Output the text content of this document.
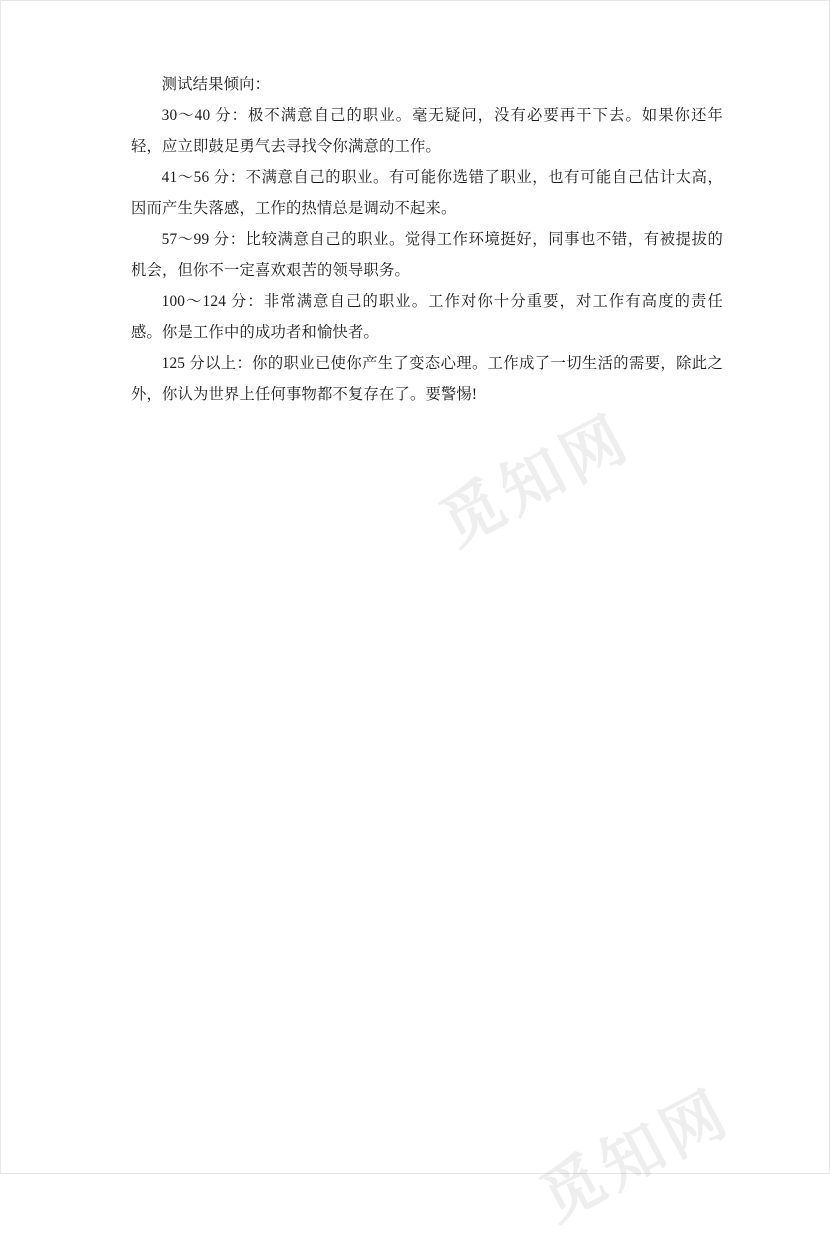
测试结果倾向：

30～40 分：极不满意自己的职业。毫无疑问，没有必要再干下去。如果你还年轻，应立即鼓足勇气去寻找令你满意的工作。

41～56 分：不满意自己的职业。有可能你选错了职业，也有可能自己估计太高，因而产生失落感，工作的热情总是调动不起来。

57～99 分：比较满意自己的职业。觉得工作环境挺好，同事也不错，有被提拔的机会，但你不一定喜欢艰苦的领导职务。

100～124 分：非常满意自己的职业。工作对你十分重要，对工作有高度的责任感。你是工作中的成功者和愉快者。

125 分以上：你的职业已使你产生了变态心理。工作成了一切生活的需要，除此之外，你认为世界上任何事物都不复存在了。要警惕!

觅知网
觅知网
